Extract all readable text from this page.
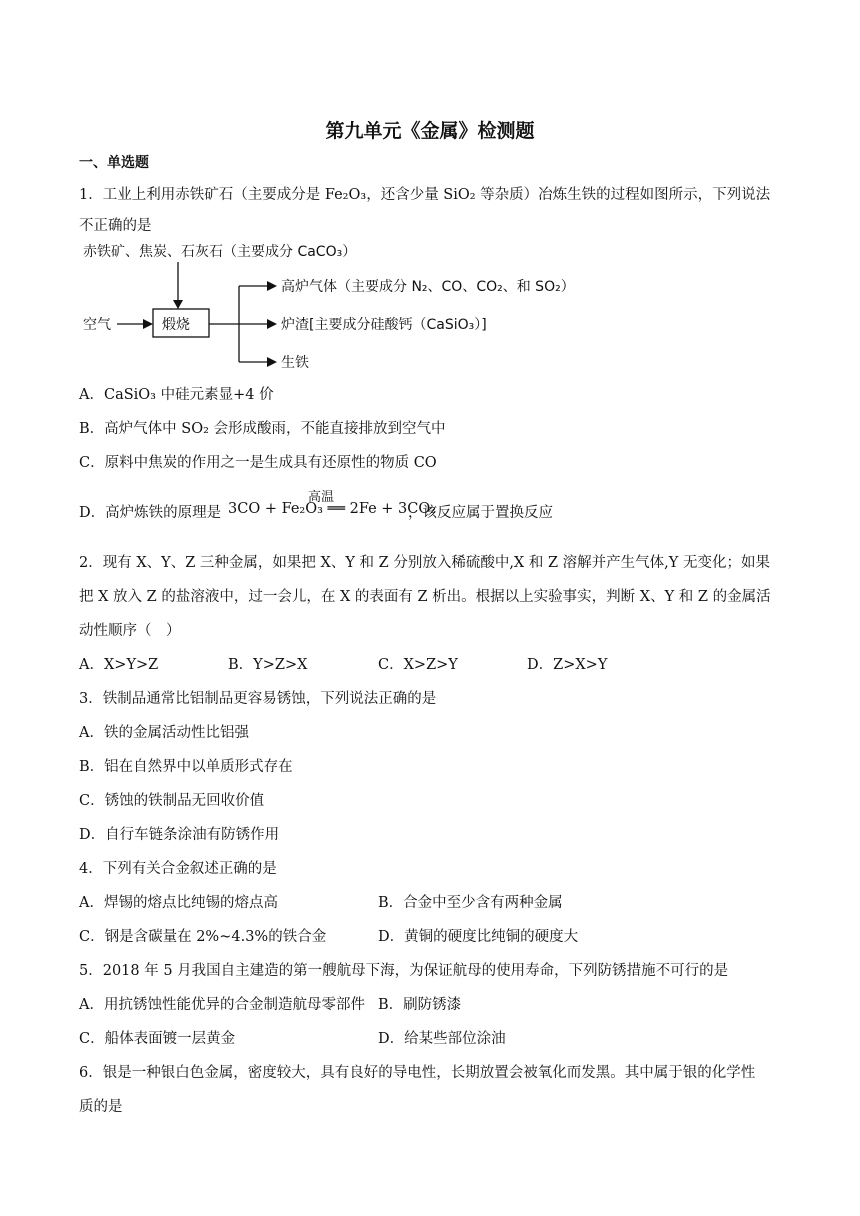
第九单元《金属》检测题
一、单选题
1．工业上利用赤铁矿石（主要成分是 Fe₂O₃，还含少量 SiO₂ 等杂质）冶炼生铁的过程如图所示，下列说法
不正确的是
赤铁矿、焦炭、石灰石（主要成分 CaCO₃）
空气	煅烧
高炉气体（主要成分 N₂、CO、CO₂、和 SO₂）
炉渣[主要成分硅酸钙（CaSiO₃）]
生铁
A．CaSiO₃ 中硅元素显+4 价
B．高炉气体中 SO₂ 会形成酸雨，不能直接排放到空气中
C．原料中焦炭的作用之一是生成具有还原性的物质 CO
D．高炉炼铁的原理是
高温
3CO + Fe₂O₃ ══ 2Fe + 3CO₂
，该反应属于置换反应
2．现有 X、Y、Z 三种金属，如果把 X、Y 和 Z 分别放入稀硫酸中,X 和 Z 溶解并产生气体,Y 无变化；如果
把 X 放入 Z 的盐溶液中，过一会儿，在 X 的表面有 Z 析出。根据以上实验事实，判断 X、Y 和 Z 的金属活
动性顺序（　）
A．X>Y>Z	B．Y>Z>X	C．X>Z>Y	D．Z>X>Y
3．铁制品通常比铝制品更容易锈蚀，下列说法正确的是
A．铁的金属活动性比铝强
B．铝在自然界中以单质形式存在
C．锈蚀的铁制品无回收价值
D．自行车链条涂油有防锈作用
4．下列有关合金叙述正确的是
A．焊锡的熔点比纯锡的熔点高	B．合金中至少含有两种金属
C．钢是含碳量在 2%~4.3%的铁合金	D．黄铜的硬度比纯铜的硬度大
5．2018 年 5 月我国自主建造的第一艘航母下海，为保证航母的使用寿命，下列防锈措施不可行的是
A．用抗锈蚀性能优异的合金制造航母零部件 B．刷防锈漆
C．船体表面镀一层黄金	D．给某些部位涂油
6．银是一种银白色金属，密度较大，具有良好的导电性，长期放置会被氧化而发黑。其中属于银的化学性
质的是
